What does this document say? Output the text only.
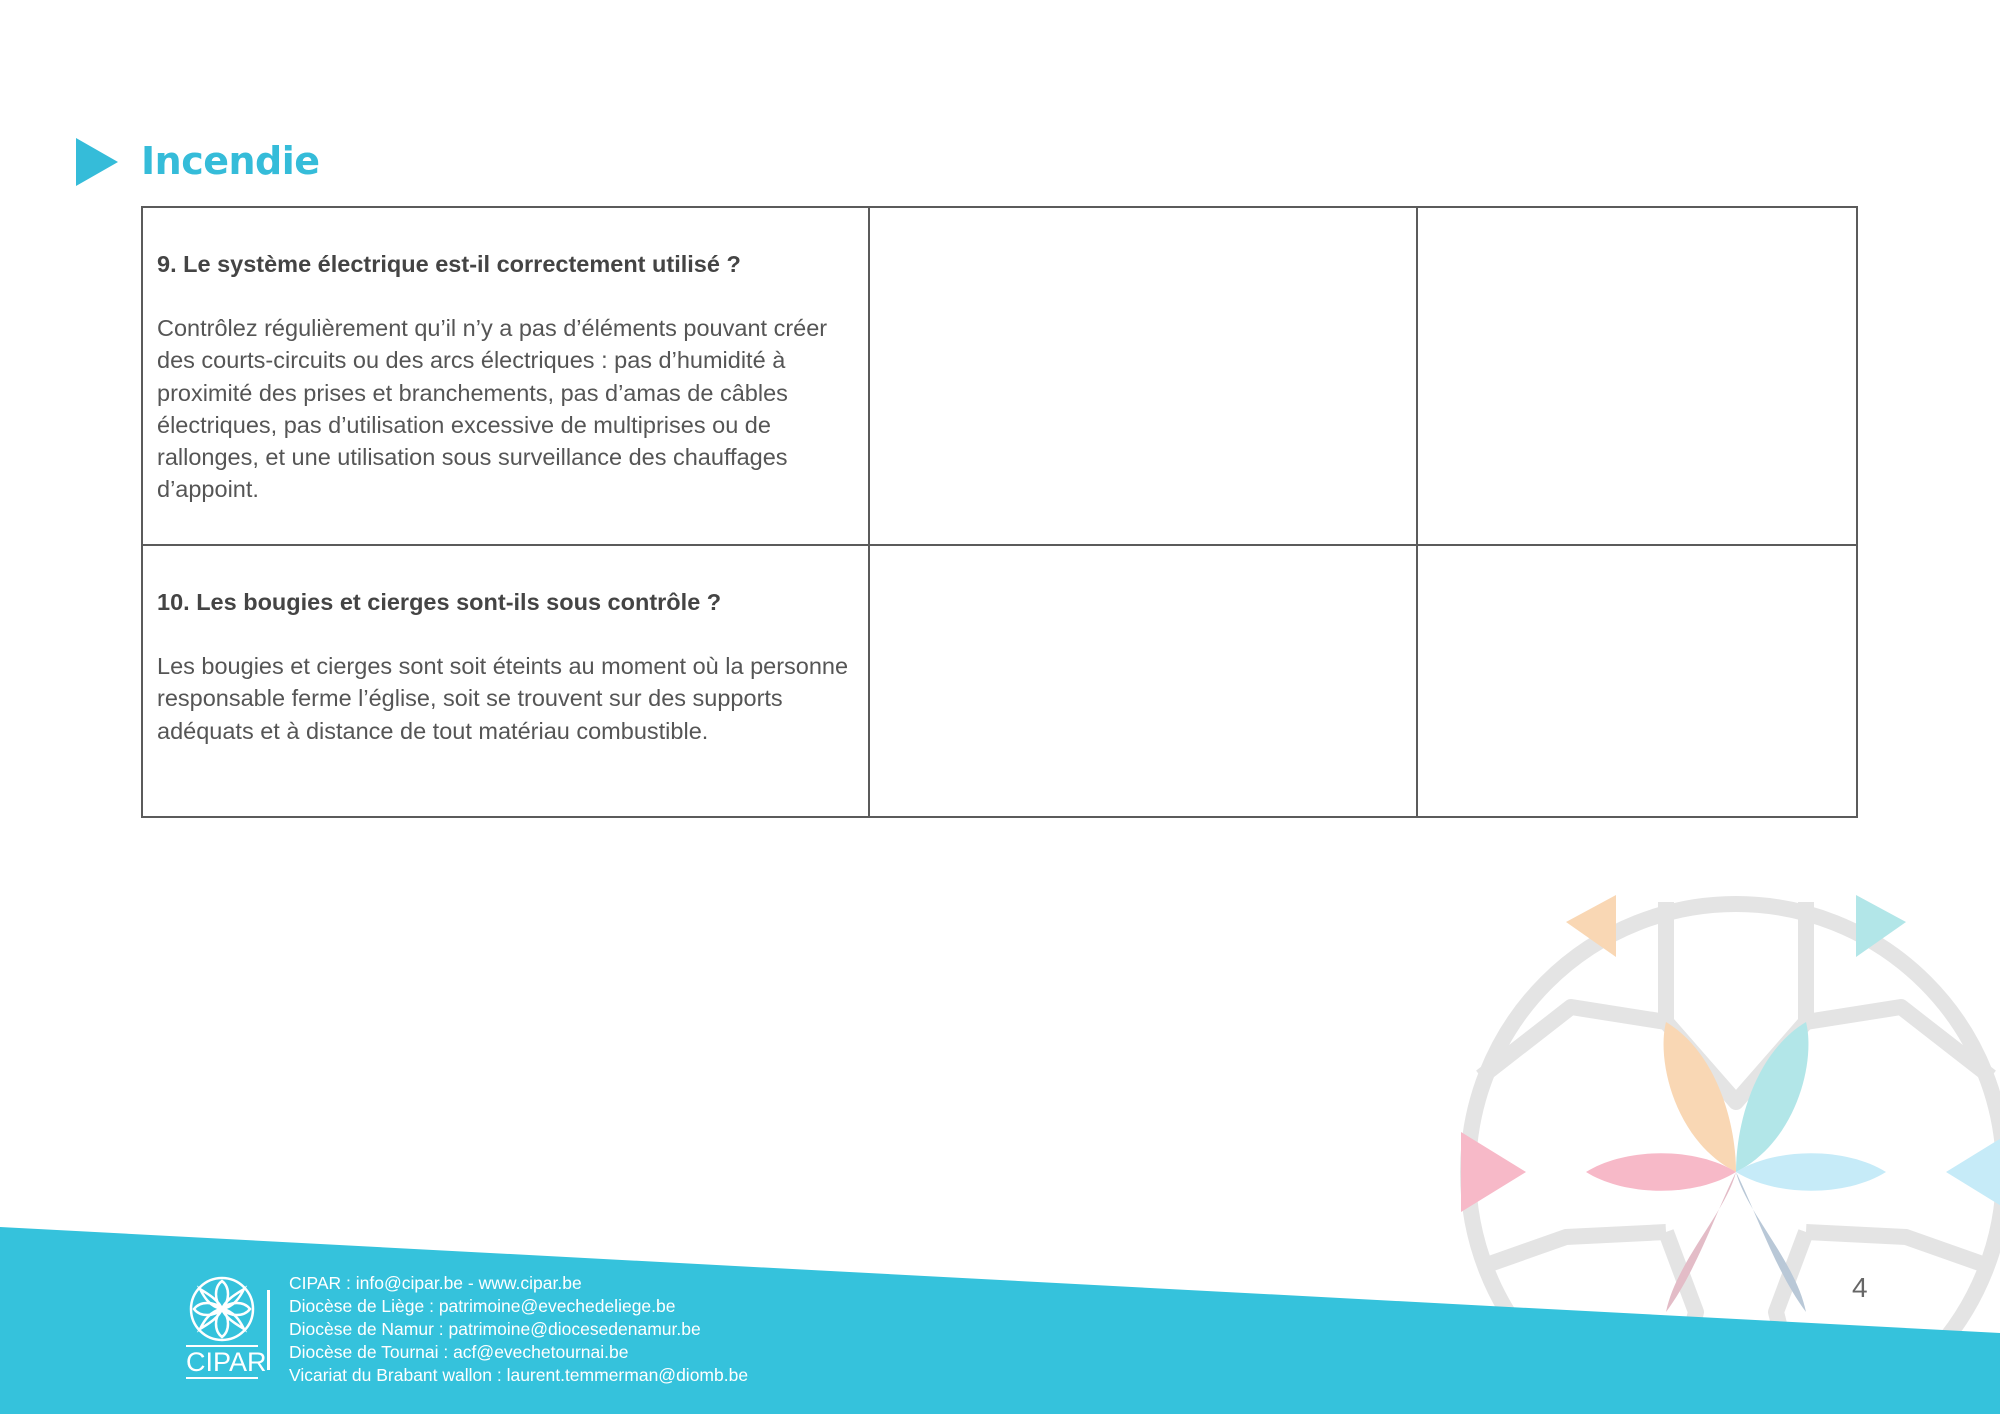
Incendie

9. Le système électrique est-il correctement utilisé ?

Contrôlez régulièrement qu’il n’y a pas d’éléments pouvant créer des courts-circuits ou des arcs électriques : pas d’humidité à proximité des prises et branchements, pas d’amas de câbles électriques, pas d’utilisation excessive de multiprises ou de rallonges, et une utilisation sous surveillance des chauffages d’appoint.		

10. Les bougies et cierges sont-ils sous contrôle ?

Les bougies et cierges sont soit éteints au moment où la personne responsable ferme l’église, soit se trouvent sur des supports adéquats et à distance de tout matériau combustible.		

4
CIPAR
CIPAR : info@cipar.be - www.cipar.be
Diocèse de Liège : patrimoine@evechedeliege.be
Diocèse de Namur : patrimoine@diocesedenamur.be
Diocèse de Tournai : acf@evechetournai.be
Vicariat du Brabant wallon : laurent.temmerman@diomb.be
